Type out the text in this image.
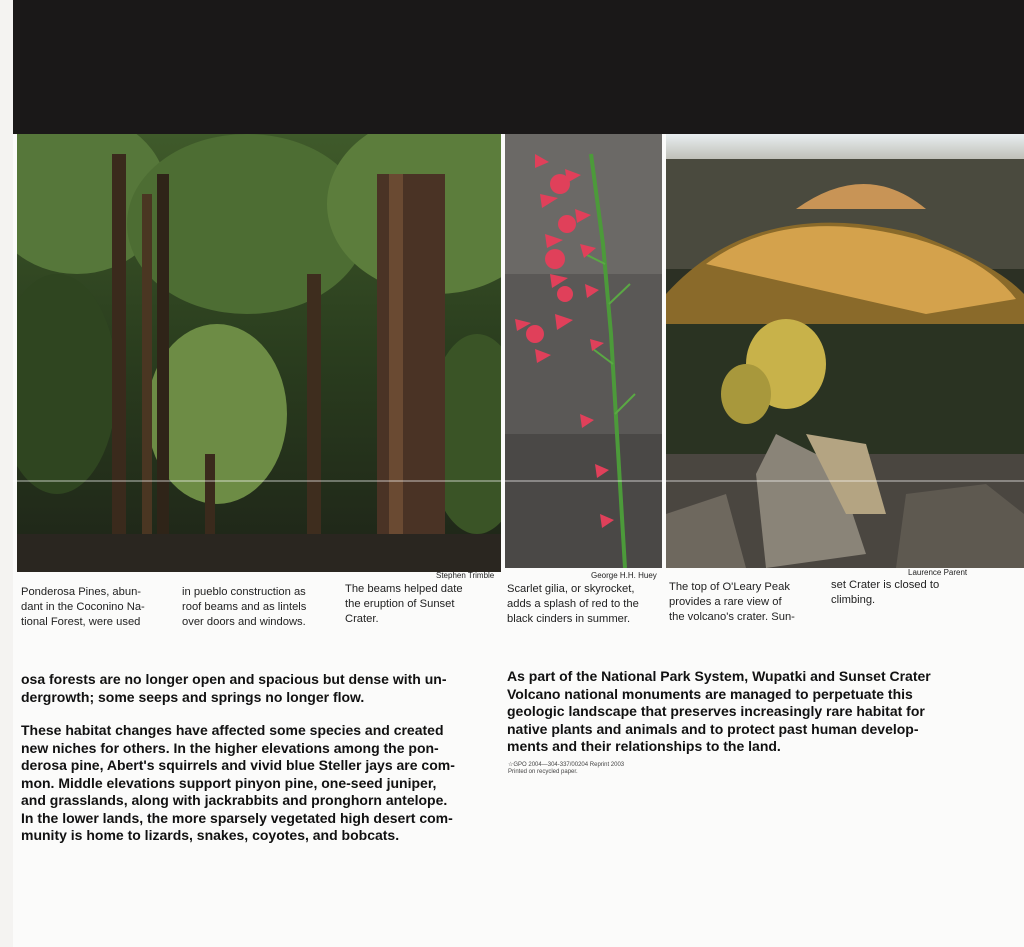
Stephen Trimble	George H.H. Huey	Laurence Parent
Ponderosa Pines, abun-
dant in the Coconino Na-
tional Forest, were used
in pueblo construction as
roof beams and as lintels
over doors and windows.
The beams helped date
the eruption of Sunset
Crater.
Scarlet gilia, or skyrocket,
adds a splash of red to the
black cinders in summer.
The top of O'Leary Peak
provides a rare view of
the volcano's crater. Sun-
set Crater is closed to
climbing.
osa forests are no longer open and spacious but dense with un-
dergrowth; some seeps and springs no longer flow.
These habitat changes have affected some species and created
new niches for others. In the higher elevations among the pon-
derosa pine, Abert's squirrels and vivid blue Steller jays are com-
mon. Middle elevations support pinyon pine, one-seed juniper,
and grasslands, along with jackrabbits and pronghorn antelope.
In the lower lands, the more sparsely vegetated high desert com-
munity is home to lizards, snakes, coyotes, and bobcats.
As part of the National Park System, Wupatki and Sunset Crater
Volcano national monuments are managed to perpetuate this
geologic landscape that preserves increasingly rare habitat for
native plants and animals and to protect past human develop-
ments and their relationships to the land.
☆GPO 2004—304-337/00204 Reprint 2003
Printed on recycled paper.
